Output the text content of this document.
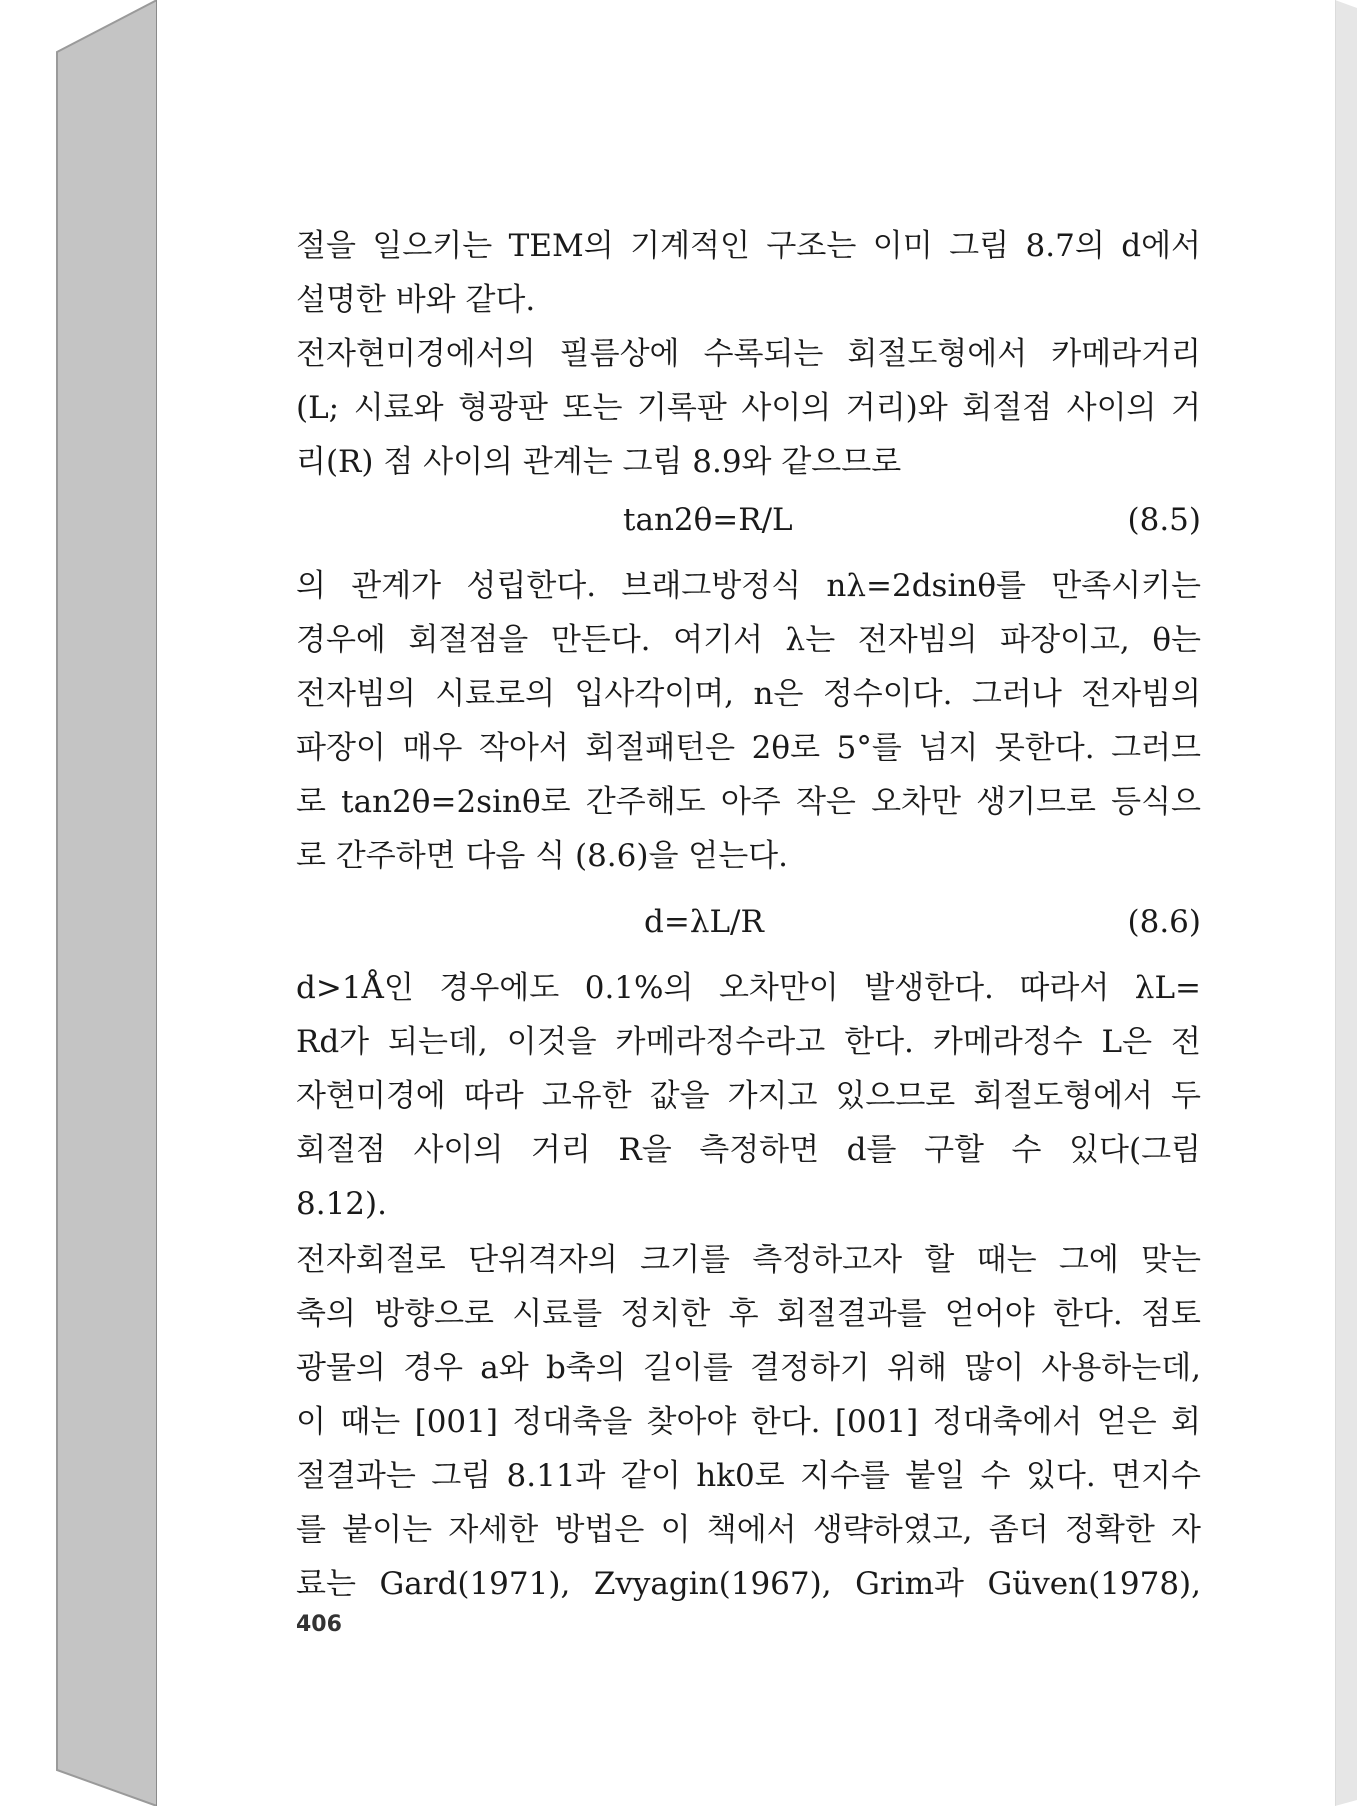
절을 일으키는 TEM의 기계적인 구조는 이미 그림 8.7의 d에서
설명한 바와 같다.
전자현미경에서의 필름상에 수록되는 회절도형에서 카메라거리
(L; 시료와 형광판 또는 기록판 사이의 거리)와 회절점 사이의 거
리(R) 점 사이의 관계는 그림 8.9와 같으므로
tan2θ=R/L	(8.5)
의 관계가 성립한다. 브래그방정식 nλ=2dsinθ를 만족시키는
경우에 회절점을 만든다. 여기서 λ는 전자빔의 파장이고, θ는
전자빔의 시료로의 입사각이며, n은 정수이다. 그러나 전자빔의
파장이 매우 작아서 회절패턴은 2θ로 5°를 넘지 못한다. 그러므
로 tan2θ=2sinθ로 간주해도 아주 작은 오차만 생기므로 등식으
로 간주하면 다음 식 (8.6)을 얻는다.
d=λL/R	(8.6)
d>1Å인 경우에도 0.1%의 오차만이 발생한다. 따라서 λL=
Rd가 되는데, 이것을 카메라정수라고 한다. 카메라정수 L은 전
자현미경에 따라 고유한 값을 가지고 있으므로 회절도형에서 두
회절점 사이의 거리 R을 측정하면 d를 구할 수 있다(그림
8.12).
전자회절로 단위격자의 크기를 측정하고자 할 때는 그에 맞는
축의 방향으로 시료를 정치한 후 회절결과를 얻어야 한다. 점토
광물의 경우 a와 b축의 길이를 결정하기 위해 많이 사용하는데,
이 때는 [001] 정대축을 찾아야 한다. [001] 정대축에서 얻은 회
절결과는 그림 8.11과 같이 hk0로 지수를 붙일 수 있다. 면지수
를 붙이는 자세한 방법은 이 책에서 생략하였고, 좀더 정확한 자
료는 Gard(1971), Zvyagin(1967), Grim과 Güven(1978),
406
